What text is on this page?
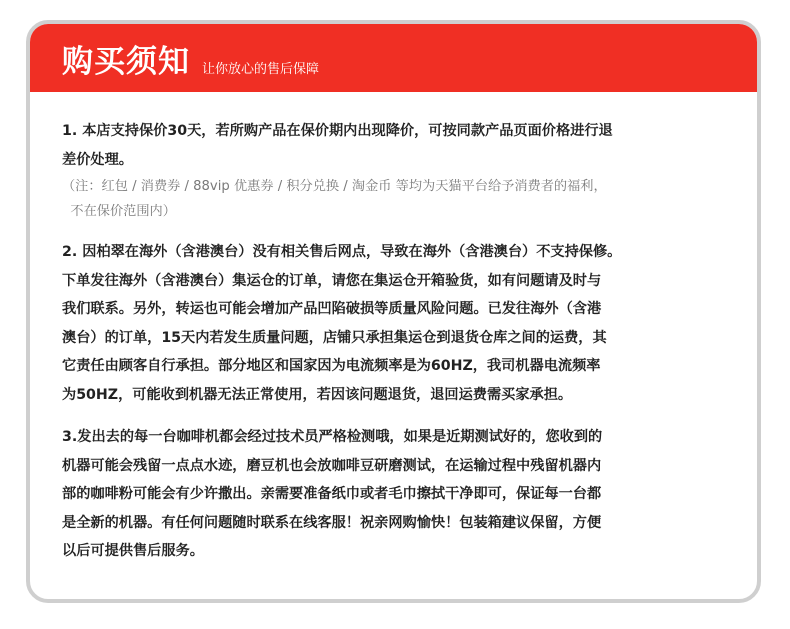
购买须知 让你放心的售后保障

1. 本店支持保价30天，若所购产品在保价期内出现降价，可按同款产品页面价格进行退

差价处理。

（注：红包 / 消费券 / 88vip 优惠券 / 积分兑换 / 淘金币 等均为天猫平台给予消费者的福利，

不在保价范围内）

2. 因柏翠在海外（含港澳台）没有相关售后网点，导致在海外（含港澳台）不支持保修。

下单发往海外（含港澳台）集运仓的订单，请您在集运仓开箱验货，如有问题请及时与

我们联系。另外，转运也可能会增加产品凹陷破损等质量风险问题。已发往海外（含港

澳台）的订单，15天内若发生质量问题，店铺只承担集运仓到退货仓库之间的运费，其

它责任由顾客自行承担。部分地区和国家因为电流频率是为60HZ，我司机器电流频率

为50HZ，可能收到机器无法正常使用，若因该问题退货，退回运费需买家承担。

3.发出去的每一台咖啡机都会经过技术员严格检测哦，如果是近期测试好的，您收到的

机器可能会残留一点点水迹，磨豆机也会放咖啡豆研磨测试，在运输过程中残留机器内

部的咖啡粉可能会有少许撒出。亲需要准备纸巾或者毛巾擦拭干净即可，保证每一台都

是全新的机器。有任何问题随时联系在线客服！祝亲网购愉快！包装箱建议保留，方便

以后可提供售后服务。
